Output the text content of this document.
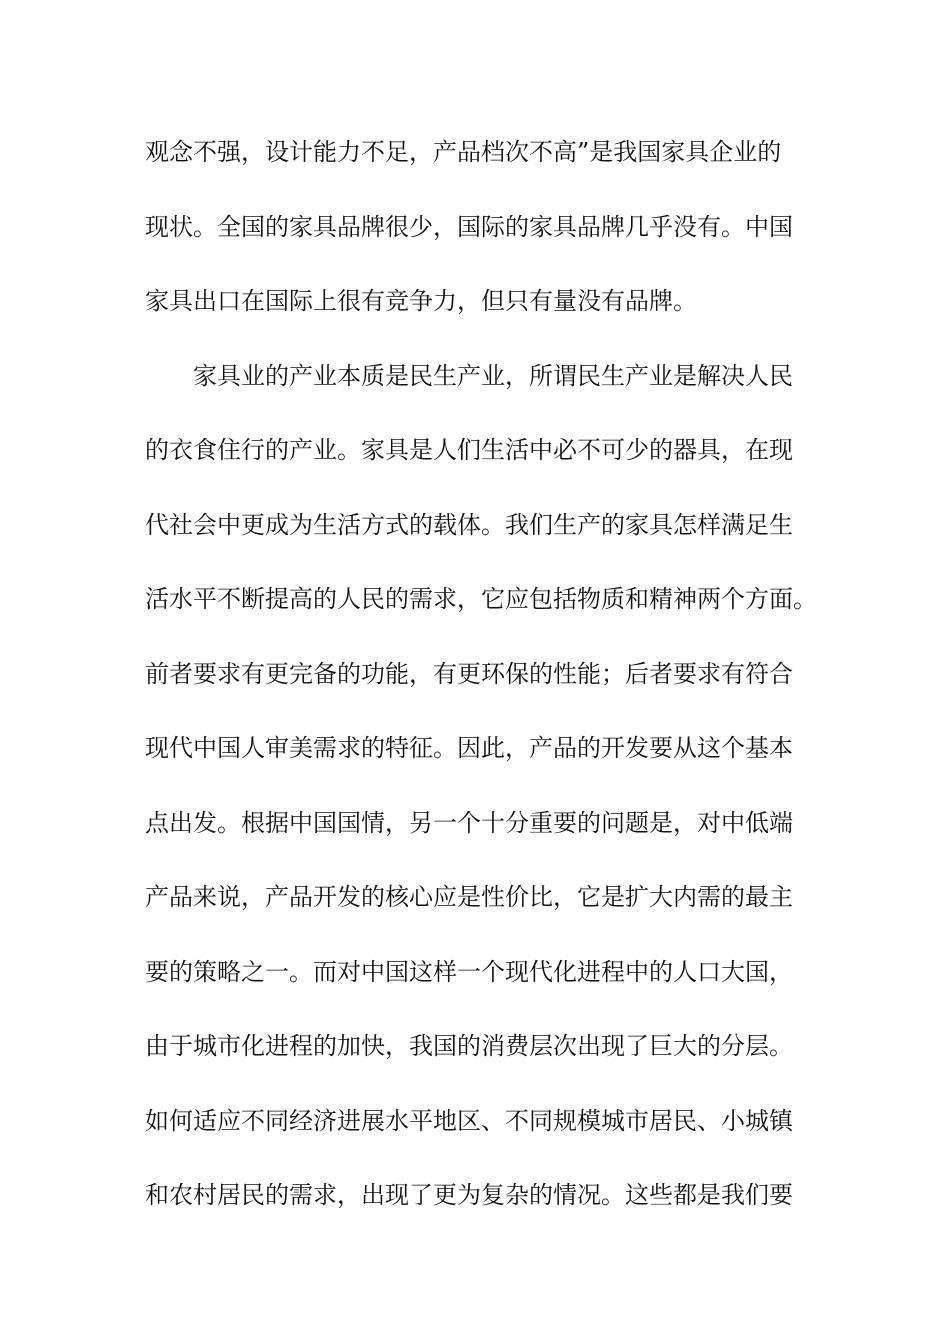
观念不强，设计能力不足，产品档次不高”是我国家具企业的
现状。全国的家具品牌很少，国际的家具品牌几乎没有。中国
家具出口在国际上很有竞争力，但只有量没有品牌。
家具业的产业本质是民生产业，所谓民生产业是解决人民
的衣食住行的产业。家具是人们生活中必不可少的器具，在现
代社会中更成为生活方式的载体。我们生产的家具怎样满足生
活水平不断提高的人民的需求，它应包括物质和精神两个方面。
前者要求有更完备的功能，有更环保的性能；后者要求有符合
现代中国人审美需求的特征。因此，产品的开发要从这个基本
点出发。根据中国国情，另一个十分重要的问题是，对中低端
产品来说，产品开发的核心应是性价比，它是扩大内需的最主
要的策略之一。而对中国这样一个现代化进程中的人口大国，
由于城市化进程的加快，我国的消费层次出现了巨大的分层。
如何适应不同经济进展水平地区、不同规模城市居民、小城镇
和农村居民的需求，出现了更为复杂的情况。这些都是我们要
